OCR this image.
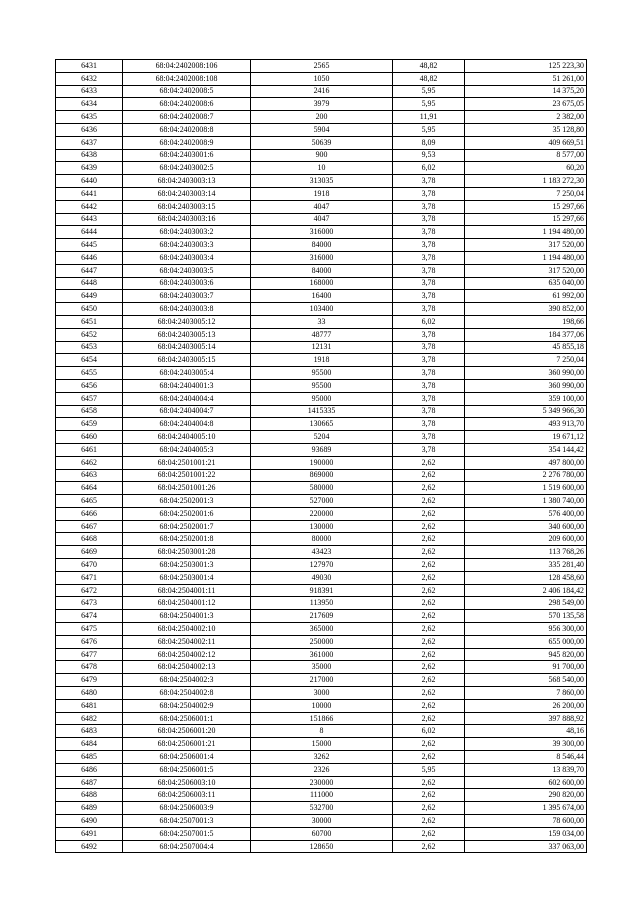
6431	68:04:2402008:106	2565	48,82	125 223,30
6432	68:04:2402008:108	1050	48,82	51 261,00
6433	68:04:2402008:5	2416	5,95	14 375,20
6434	68:04:2402008:6	3979	5,95	23 675,05
6435	68:04:2402008:7	200	11,91	2 382,00
6436	68:04:2402008:8	5904	5,95	35 128,80
6437	68:04:2402008:9	50639	8,09	409 669,51
6438	68:04:2403001:6	900	9,53	8 577,00
6439	68:04:2403002:5	10	6,02	60,20
6440	68:04:2403003:13	313035	3,78	1 183 272,30
6441	68:04:2403003:14	1918	3,78	7 250,04
6442	68:04:2403003:15	4047	3,78	15 297,66
6443	68:04:2403003:16	4047	3,78	15 297,66
6444	68:04:2403003:2	316000	3,78	1 194 480,00
6445	68:04:2403003:3	84000	3,78	317 520,00
6446	68:04:2403003:4	316000	3,78	1 194 480,00
6447	68:04:2403003:5	84000	3,78	317 520,00
6448	68:04:2403003:6	168000	3,78	635 040,00
6449	68:04:2403003:7	16400	3,78	61 992,00
6450	68:04:2403003:8	103400	3,78	390 852,00
6451	68:04:2403005:12	33	6,02	198,66
6452	68:04:2403005:13	48777	3,78	184 377,06
6453	68:04:2403005:14	12131	3,78	45 855,18
6454	68:04:2403005:15	1918	3,78	7 250,04
6455	68:04:2403005:4	95500	3,78	360 990,00
6456	68:04:2404001:3	95500	3,78	360 990,00
6457	68:04:2404004:4	95000	3,78	359 100,00
6458	68:04:2404004:7	1415335	3,78	5 349 966,30
6459	68:04:2404004:8	130665	3,78	493 913,70
6460	68:04:2404005:10	5204	3,78	19 671,12
6461	68:04:2404005:3	93689	3,78	354 144,42
6462	68:04:2501001:21	190000	2,62	497 800,00
6463	68:04:2501001:22	869000	2,62	2 276 780,00
6464	68:04:2501001:26	580000	2,62	1 519 600,00
6465	68:04:2502001:3	527000	2,62	1 380 740,00
6466	68:04:2502001:6	220000	2,62	576 400,00
6467	68:04:2502001:7	130000	2,62	340 600,00
6468	68:04:2502001:8	80000	2,62	209 600,00
6469	68:04:2503001:28	43423	2,62	113 768,26
6470	68:04:2503001:3	127970	2,62	335 281,40
6471	68:04:2503001:4	49030	2,62	128 458,60
6472	68:04:2504001:11	918391	2,62	2 406 184,42
6473	68:04:2504001:12	113950	2,62	298 549,00
6474	68:04:2504001:3	217609	2,62	570 135,58
6475	68:04:2504002:10	365000	2,62	956 300,00
6476	68:04:2504002:11	250000	2,62	655 000,00
6477	68:04:2504002:12	361000	2,62	945 820,00
6478	68:04:2504002:13	35000	2,62	91 700,00
6479	68:04:2504002:3	217000	2,62	568 540,00
6480	68:04:2504002:8	3000	2,62	7 860,00
6481	68:04:2504002:9	10000	2,62	26 200,00
6482	68:04:2506001:1	151866	2,62	397 888,92
6483	68:04:2506001:20	8	6,02	48,16
6484	68:04:2506001:21	15000	2,62	39 300,00
6485	68:04:2506001:4	3262	2,62	8 546,44
6486	68:04:2506001:5	2326	5,95	13 839,70
6487	68:04:2506003:10	230000	2,62	602 600,00
6488	68:04:2506003:11	111000	2,62	290 820,00
6489	68:04:2506003:9	532700	2,62	1 395 674,00
6490	68:04:2507001:3	30000	2,62	78 600,00
6491	68:04:2507001:5	60700	2,62	159 034,00
6492	68:04:2507004:4	128650	2,62	337 063,00
